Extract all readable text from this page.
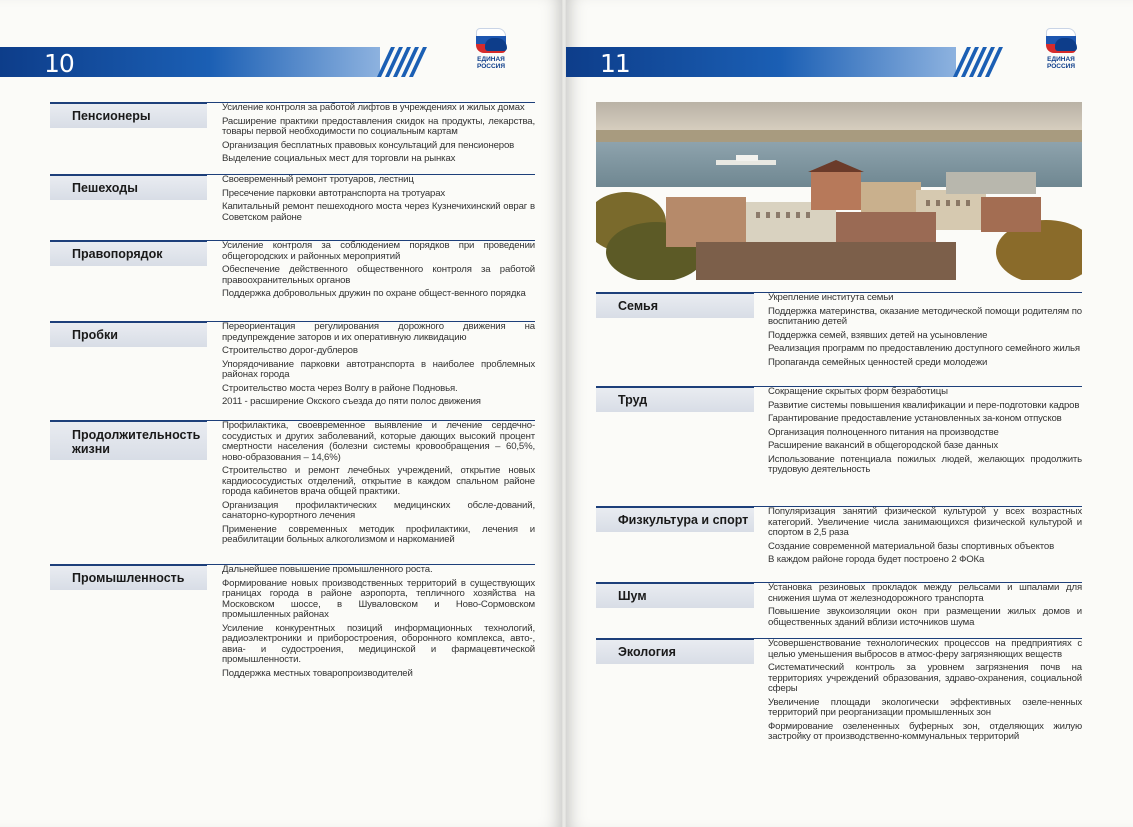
10	ЕДИНАЯ РОССИЯ
Пенсионеры

Усиление контроля за работой лифтов в учреждениях и жилых домах

Расширение практики предоставления скидок на продукты, лекарства, товары первой необходимости по социальным картам

Организация бесплатных правовых консультаций для пенсионеров

Выделение социальных мест для торговли на рынках

Пешеходы

Своевременный ремонт тротуаров, лестниц

Пресечение парковки автотранспорта на тротуарах

Капитальный ремонт пешеходного моста через Кузнечихинский овраг в Советском районе

Правопорядок

Усиление контроля за соблюдением порядков при проведении общегородских и районных мероприятий

Обеспечение действенного общественного контроля за работой правоохранительных органов

Поддержка добровольных дружин по охране общест-венного порядка

Пробки

Переориентация регулирования дорожного движения на предупреждение заторов и их оперативную ликвидацию

Строительство дорог-дублеров

Упорядочивание парковки автотранспорта в наиболее проблемных районах города

Строительство моста через Волгу в районе Подновья.

2011 - расширение Окского съезда до пяти полос движения

Продолжительность жизни

Профилактика, своевременное выявление и лечение сердечно-сосудистых и других заболеваний, которые дающих высокий процент смертности населения (болезни системы кровообращения – 60,5%, ново-образования – 14,6%)

Строительство и ремонт лечебных учреждений, открытие новых кардиососудистых отделений, открытие в каждом спальном районе города кабинетов врача общей практики.

Организация профилактических медицинских обсле-дований, санаторно-курортного лечения

Применение современных методик профилактики, лечения и реабилитации больных алкоголизмом и наркоманией

Промышленность

Дальнейшее повышение промышленного роста.

Формирование новых производственных территорий в существующих границах города в районе аэропорта, тепличного хозяйства на Московском шоссе, в Шуваловском и Ново-Сормовском промышленных районах

Усиление конкурентных позиций информационных технологий, радиоэлектроники и приборостроения, оборонного комплекса, авто-, авиа- и судостроения, медицинской и фармацевтической промышленности.

Поддержка местных товаропроизводителей

11	ЕДИНАЯ РОССИЯ
Семья

Укрепление института семьи

Поддержка материнства, оказание методической помощи родителям по воспитанию детей

Поддержка семей, взявших детей на усыновление

Реализация программ по предоставлению доступного семейного жилья

Пропаганда семейных ценностей среди молодежи

Труд

Сокращение скрытых форм безработицы

Развитие системы повышения квалификации и пере-подготовки кадров

Гарантирование предоставление установленных за-коном отпусков

Организация полноценного питания на производстве

Расширение вакансий в общегородской базе данных

Использование потенциала пожилых людей, желающих продолжить трудовую деятельность

Физкультура и спорт

Популяризация занятий физической культурой у всех возрастных категорий. Увеличение числа занимающихся физической культурой и спортом в 2,5 раза

Создание современной материальной базы спортивных объектов

В каждом районе города будет построено 2 ФОКа

Шум

Установка резиновых прокладок между рельсами и шпалами для снижения шума от железнодорожного транспорта

Повышение звукоизоляции окон при размещении жилых домов и общественных зданий вблизи источников шума

Экология

Усовершенствование технологических процессов на предприятиях с целью уменьшения выбросов в атмос-феру загрязняющих веществ

Систематический контроль за уровнем загрязнения почв на территориях учреждений образования, здраво-охранения, социальной сферы

Увеличение площади экологически эффективных озеле-ненных территорий при реорганизации промышленных зон

Формирование озелененных буферных зон, отделяющих жилую застройку от производственно-коммунальных территорий
